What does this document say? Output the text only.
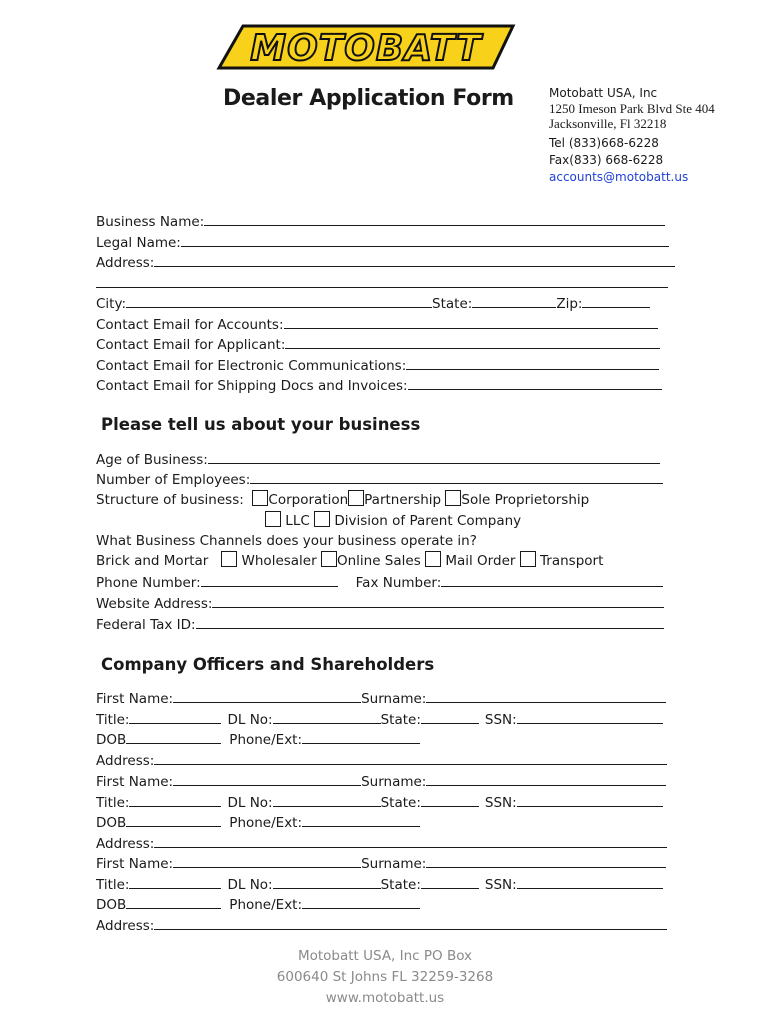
MOTOBATT
Dealer Application Form	Motobatt USA, Inc
1250 Imeson Park Blvd Ste 404
Jacksonville, Fl 32218
Tel (833)668-6228
Fax(833) 668-6228
accounts@motobatt.us
Business Name:
Legal Name:
Address:
City:	State:	Zip:
Contact Email for Accounts:
Contact Email for Applicant:
Contact Email for Electronic Communications:
Contact Email for Shipping Docs and Invoices:
Please tell us about your business
Age of Business:
Number of Employees:
Structure of business: Corporation Partnership Sole Proprietorship
LLC Division of Parent Company
What Business Channels does your business operate in?
Brick and Mortar Wholesaler Online Sales Mail Order Transport
Phone Number:	Fax Number:
Website Address:
Federal Tax ID:
Company Officers and Shareholders
First Name:	Surname:
Title:	DL No:	State:	SSN:
DOB	Phone/Ext:
Address:
First Name:	Surname:
Title:	DL No:	State:	SSN:
DOB	Phone/Ext:
Address:
First Name:	Surname:
Title:	DL No:	State:	SSN:
DOB	Phone/Ext:
Address:
Motobatt USA, Inc PO Box
600640 St Johns FL 32259-3268
www.motobatt.us
